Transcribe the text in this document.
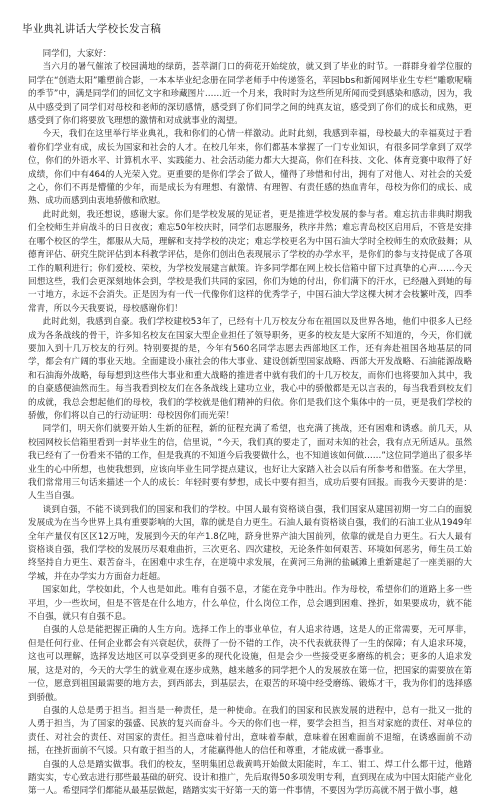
毕业典礼讲话大学校长发言稿

同学们，大家好：

当六月的暑气催浓了校园满地的绿荫，荟萃湖门口的荷花开始绽放，就又到了毕业的时节。一群群身着学位服的同学在“创造太阳”雕塑前合影，一本本毕业纪念册在同学老师手中传递签名，苹园bbs和新闻网毕业生专栏“雕歌呢喃的季节”中，满是同学们的回忆文字和珍藏图片……近一个月来，我时时为这些所见所闻而受到感染和感动，因为，我从中感受到了同学们对母校和老师的深切感情，感受到了你们同学之间的纯真友谊，感受到了你们的成长和成熟，更感受到了你们将要放飞理想的激情和对成就事业的渴望。

今天，我们在这里举行毕业典礼，我和你们的心情一样激动。此时此刻，我感到幸福，母校最大的幸福莫过于看着你们学业有成，成长为国家和社会的人才。在校几年来，你们都基本掌握了一门专业知识，有很多同学拿到了双学位，你们的外语水平、计算机水平、实践能力、社会活动能力都大大提高，你们在科技、文化、体育竞赛中取得了好成绩，你们中有464的人光荣入党。更重要的是你们学会了做人，懂得了珍惜和付出，拥有了对他人、对社会的关爱之心，你们不再是懵懂的少年，而是成长为有理想、有激情、有理智、有责任感的热血青年，母校为你们的成长、成熟、成功而感到由衷地骄傲和欣慰。

此时此刻，我还想说，感谢大家。你们是学校发展的见证者，更是推进学校发展的参与者。难忘抗击非典时期我们全校师生并肩战斗的日日夜夜；难忘50年校庆时，同学们志愿服务，秩序井然；难忘青岛校区启用后，不管是安排在哪个校区的学生，都服从大局，理解和支持学校的决定；难忘学校更名为中国石油大学时全校师生的欢欣鼓舞；从德育评估、研究生院评估到本科教学评估，是你们创出色表现展示了学校的办学水平，是你们的参与支持促成了各项工作的顺利进行；你们爱校、荣校，为学校发展建言献策。许多同学都在网上校长信箱中留下过真挚的心声……今天回想这些，我们会更深刻地体会到，学校是我们共同的家园，你们为她的付出，你们满下的汗水，已经融入到她的每一寸地方，永远不会消失。正是因为有一代一代像你们这样的优秀学子，中国石油大学这棵大树才会枝繁叶茂，四季常青，所以今天我要说，母校感谢你们！

此时此刻，我感到自豪。我们学校建校53年了，已经有十几万校友分布在祖国以及世界各地，他们中很多人已经成为各条战线的骨干，许多知名校友在国家大型企业担任了领导职务，更多的校友是大家所不知道的，今天，你们就要加入到十几万校友的行列。特别要提的是，今年有560名同学志愿去西部地区工作，还有奔赴祖国各地基层的同学，都会有广阔的事业天地。全面建设小康社会的伟大事业、建设创新型国家战略、西部大开发战略、石油能源战略和石油海外战略，每每想到这些伟大事业和重大战略的推进者中就有我们的十几万校友，而你们也将要加入其中，我的自豪感便油然而生。每当我看到校友们在各条战线上建功立业，我心中的骄傲都是无以言表的，每当我看到校友们的成就，我总会想起他们的母校，我们的学校就是他们精神的归依。你们是我们这个集体中的一员，更是我们学校的骄傲，你们将以自己的行动证明：母校因你们而光荣！

同学们，明天你们就要开始人生新的征程，新的征程充满了希望，也充满了挑战，还有困难和诱惑。前几天，从校园网校长信箱里看到一封毕业生的信，信里说，“今天，我们真的要走了，面对未知的社会，我有点无所适从。虽然我已经有了一份看来不错的工作，但是我真的不知道今后我要做什么，也不知道该如何做……”这位同学道出了很多毕业生的心中所想，也使我想到，应该向毕业生同学提点建议，也好让大家踏入社会以后有所参考和借鉴。在大学里，我们常常用三句话来描述一个人的成长：年轻时要有梦想，成长中要有担当，成功后要有回报。而我今天要讲的是：人生当自强。

谈到自强，不能不谈到我们的国家和我们的学校。中国人最有资格谈自强，我们国家从建国初期一穷二白的面貌发展成为在当今世界上具有重要影响的大国，靠的就是自力更生。石油人最有资格谈自强，我们的石油工业从1949年全年产量仅有区区12万吨，发展到今天的年产1.8亿吨，跻身世界产油大国前列，依靠的就是自力更生。石大人最有资格谈自强，我们学校的发展历尽艰难曲折，三次更名、四次建校，无论条件如何艰苦、环境如何恶劣，师生员工始终坚持自力更生、艰苦奋斗，在困难中求生存，在逆境中求发展，在黄河三角洲的盐碱滩上重新建起了一座美丽的大学城，并在办学实力方面奋力赶超。

国家如此，学校如此，个人也是如此。唯有自强不息，才能在竞争中胜出。作为母校，希望你们的道路上多一些平坦，少一些坎坷，但是不管是在什么地方，什么单位，什么岗位工作，总会遇到困难、挫折，如果要成功，就不能不自强，就只有自强不息。

自强的人总是能把握正确的人生方向。选择工作上的事业单位，有人追求待遇，这是人的正常需要，无可厚非，但是任何行业、任何企业都会有兴衰起伏，获得了一份不错的工作，决不代表就获得了一生的保障；有人追求环境，这也可以理解，选择发达地区可以享受到更多的现代化设施，但是会少一些接受更多磨练的机会；更多的人追求发展，这是对的，今天的大学生的就业观在逐步成熟，越来越多的同学把个人的发展放在第一位，把国家的需要放在第一位，愿意到祖国最需要的地方去，到西部去，到基层去，在艰苦的环境中经受磨练、锻炼才干，我为你们的选择感到骄傲。

自强的人总是勇于担当。担当是一种责任，是一种使命。在我们的国家和民族发展的进程中，总有一批又一批的人勇于担当，为了国家的强盛、民族的复兴而奋斗。今天的你们也一样，要学会担当，担当对家庭的责任、对单位的责任、对社会的责任、对国家的责任。担当意味着付出，意味着奉献，意味着在困难面前不退缩，在诱惑面前不动摇，在挫折面前不气馁。只有敢于担当的人，才能赢得他人的信任和尊重，才能成就一番事业。

自强的人总是踏实做事。我们的校友，坚明集团总裁黄鸣开始做太阳能时，车工、钳工、焊工什么都干过，他踏踏实实，专心致志进行那些最基础的研究、设计和推广，先后取得50多项发明专利，直到现在成为中国太阳能产业化第一人。希望同学们都能从最基层做起，踏踏实实干好第一天的第一件事情，不要因为学历高就不屑于做小事，越
